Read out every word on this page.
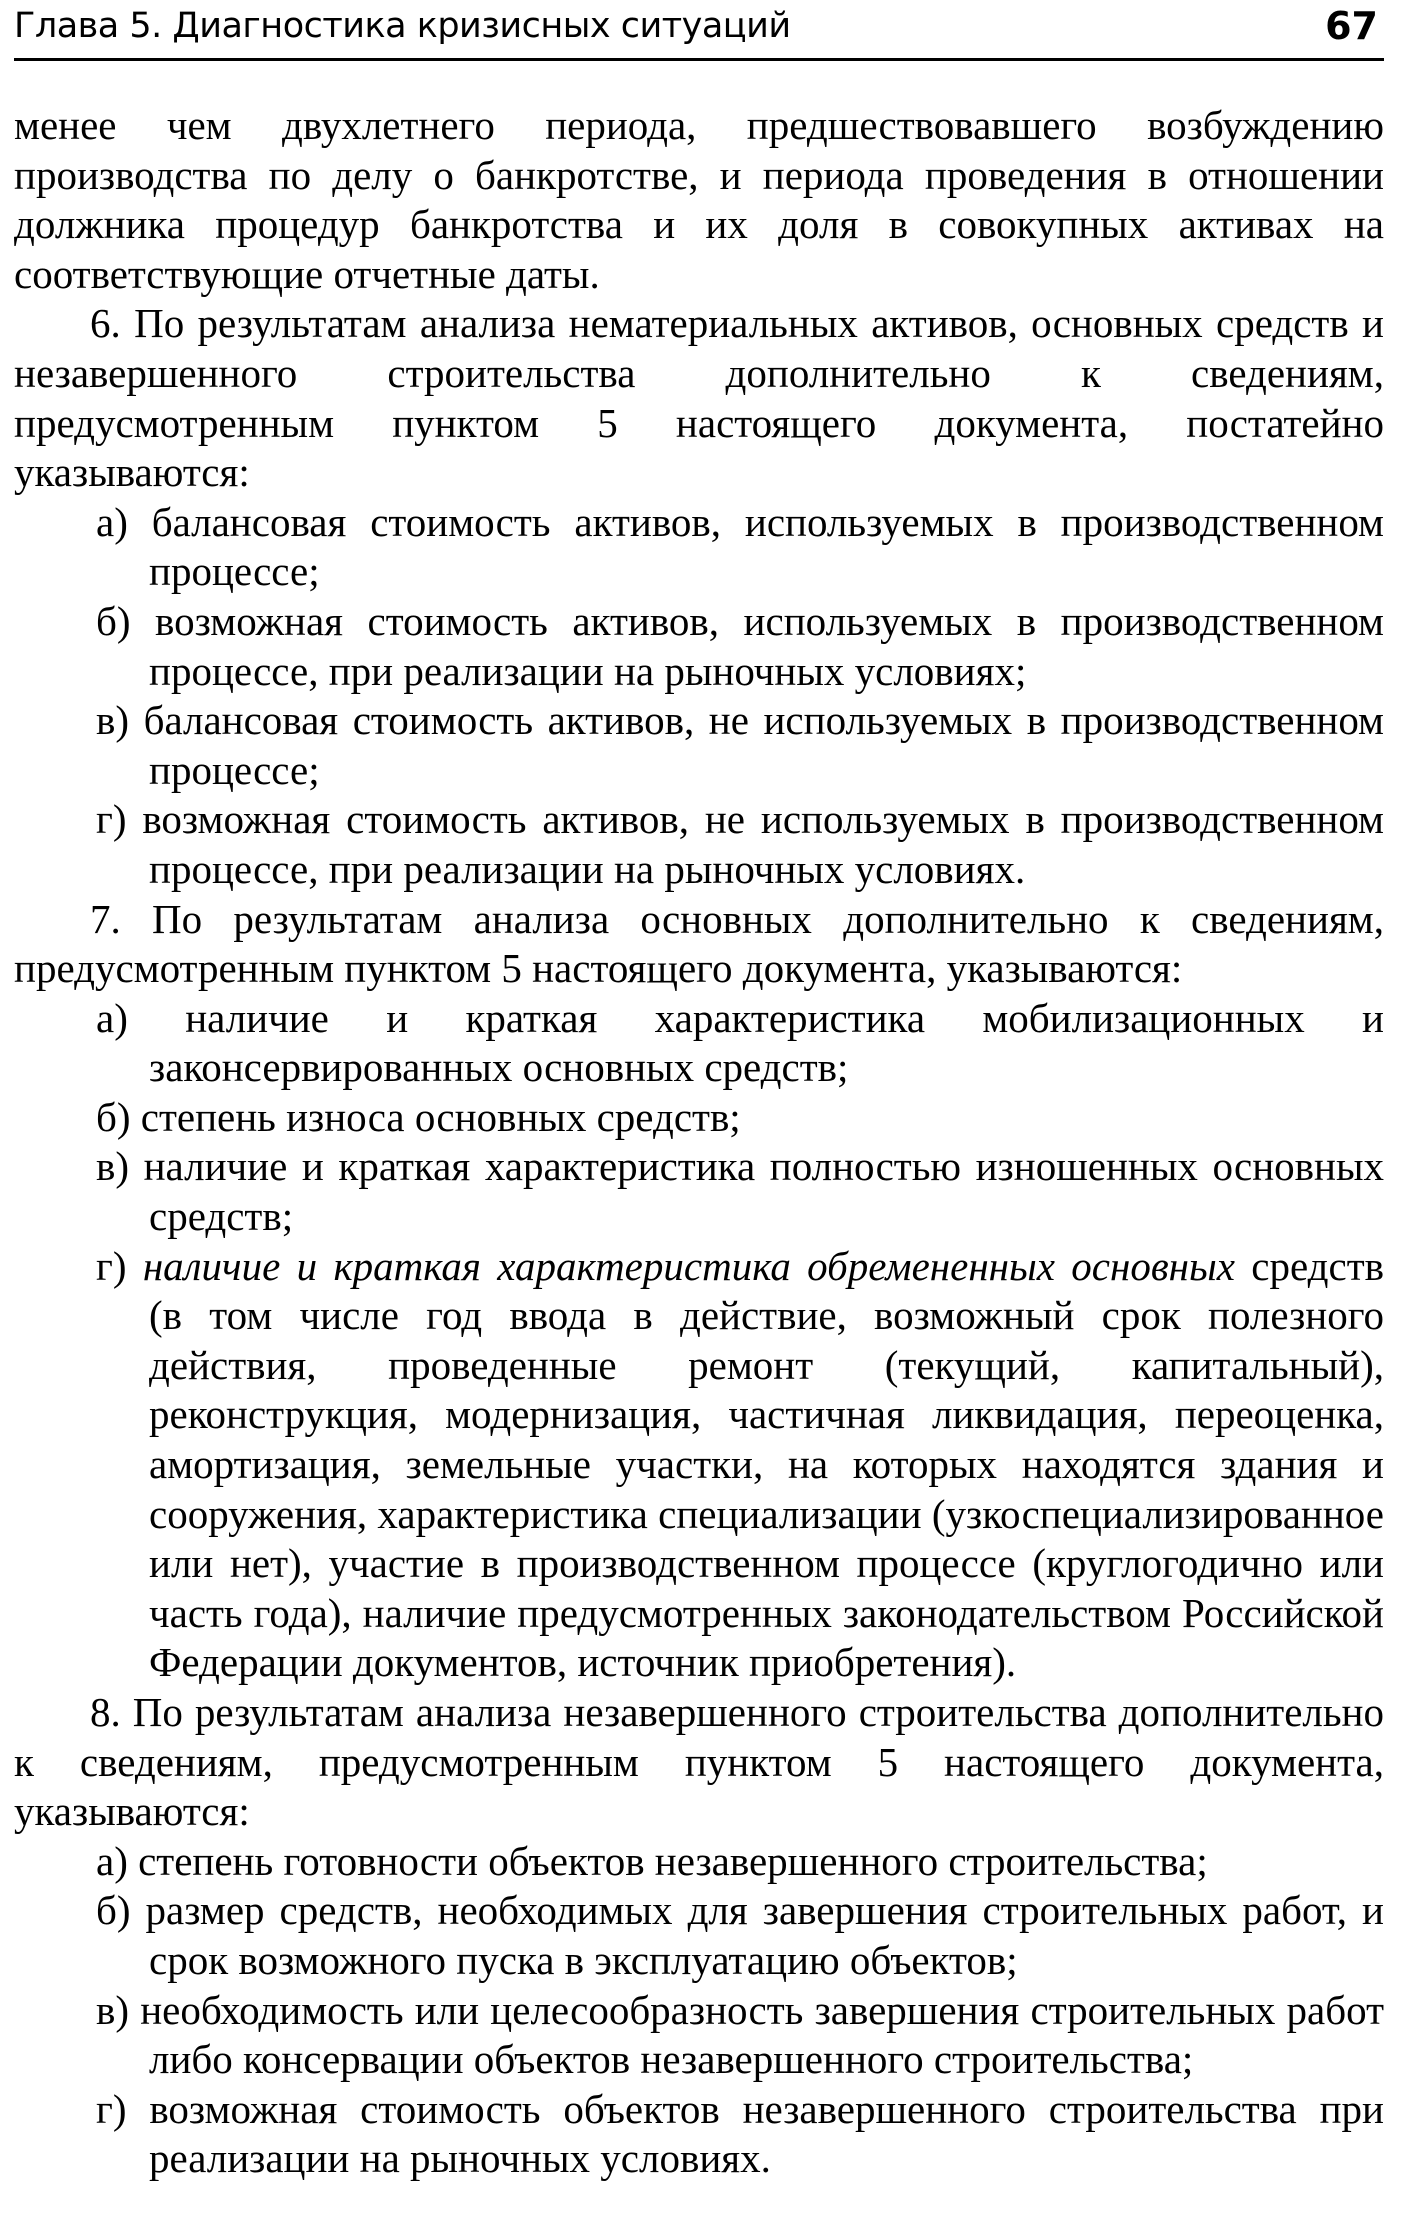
Глава 5. Диагностика кризисных ситуаций	67

менее чем двухлетнего периода, предшествовавшего возбуждению производства по делу о банкротстве, и периода проведения в отношении должника процедур банкротства и их доля в совокупных активах на соответствующие отчетные даты.

6. По результатам анализа нематериальных активов, основных средств и незавершенного строительства дополнительно к сведениям, предусмотренным пунктом 5 настоящего документа, постатейно указываются:

а) балансовая стоимость активов, используемых в производственном процессе;

б) возможная стоимость активов, используемых в производственном процессе, при реализации на рыночных условиях;

в) балансовая стоимость активов, не используемых в производственном процессе;

г) возможная стоимость активов, не используемых в производственном процессе, при реализации на рыночных условиях.

7. По результатам анализа основных дополнительно к сведениям, предусмотренным пунктом 5 настоящего документа, указываются:

а) наличие и краткая характеристика мобилизационных и законсервированных основных средств;

б) степень износа основных средств;

в) наличие и краткая характеристика полностью изношенных основных средств;

г) наличие и краткая характеристика обремененных основных средств (в том числе год ввода в действие, возможный срок полезного действия, проведенные ремонт (текущий, капитальный), реконструкция, модернизация, частичная ликвидация, переоценка, амортизация, земельные участки, на которых находятся здания и сооружения, характеристика специализации (узкоспециализированное или нет), участие в производственном процессе (круглогодично или часть года), наличие предусмотренных законодательством Российской Федерации документов, источник приобретения).

8. По результатам анализа незавершенного строительства дополнительно к сведениям, предусмотренным пунктом 5 настоящего документа, указываются:

а) степень готовности объектов незавершенного строительства;

б) размер средств, необходимых для завершения строительных работ, и срок возможного пуска в эксплуатацию объектов;

в) необходимость или целесообразность завершения строительных работ либо консервации объектов незавершенного строительства;

г) возможная стоимость объектов незавершенного строительства при реализации на рыночных условиях.
